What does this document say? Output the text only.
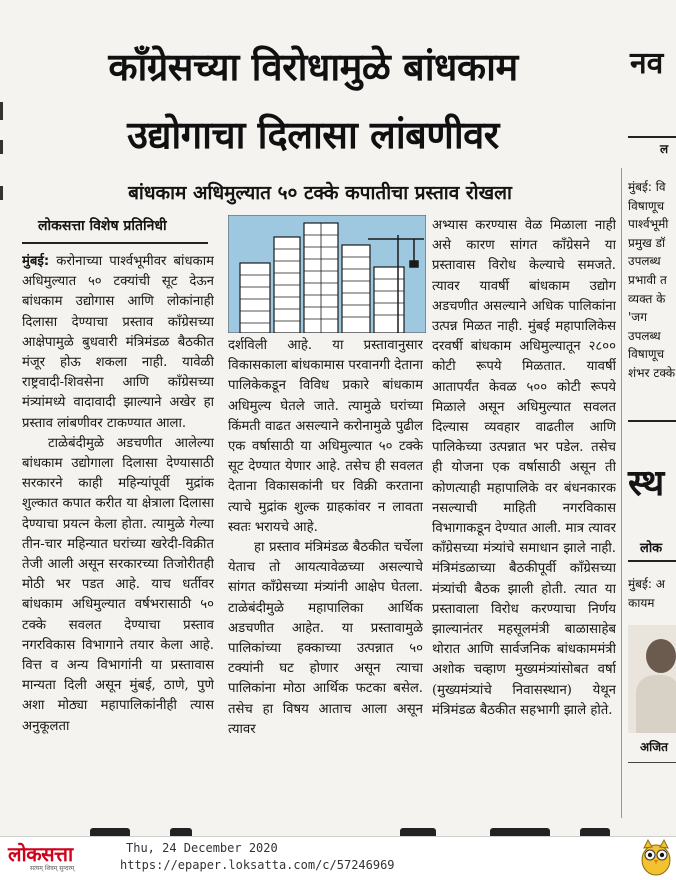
काँग्रेसच्या विरोधामुळे बांधकाम
उद्योगाचा दिलासा लांबणीवर
बांधकाम अधिमुल्यात ५० टक्के कपातीचा प्रस्ताव रोखला
लोकसत्ता विशेष प्रतिनिधी

मुंबई: करोनाच्या पार्श्वभूमीवर बांधकाम अधिमुल्यात ५० टक्यांची सूट देऊन बांधकाम उद्योगास आणि लोकांनाही दिलासा देण्याचा प्रस्ताव काँग्रेसच्या आक्षेपामुळे बुधवारी मंत्रिमंडळ बैठकीत मंजूर होऊ शकला नाही. यावेळी राष्ट्रवादी-शिवसेना आणि काँग्रेसच्या मंत्र्यांमध्ये वादावादी झाल्याने अखेर हा प्रस्ताव लांबणीवर टाकण्यात आला.

टाळेबंदीमुळे अडचणीत आलेल्या बांधकाम उद्योगाला दिलासा देण्यासाठी सरकारने काही महिन्यांपूर्वी मुद्रांक शुल्कात कपात करीत या क्षेत्राला दिलासा देण्याचा प्रयत्न केला होता. त्यामुळे गेल्या तीन-चार महिन्यात घरांच्या खरेदी-विक्रीत तेजी आली असून सरकारच्या तिजोरीतही मोठी भर पडत आहे. याच धर्तीवर बांधकाम अधिमुल्यात वर्षभरासाठी ५० टक्के सवलत देण्याचा प्रस्ताव नगरविकास विभागाने तयार केला आहे. वित्त व अन्य विभागांनी या प्रस्तावास मान्यता दिली असून मुंबई, ठाणे, पुणे अशा मोठ्या महापालिकांनीही त्यास अनुकूलता

दर्शविली आहे. या प्रस्तावानुसार विकासकाला बांधकामास परवानगी देताना पालिकेकडून विविध प्रकारे बांधकाम अधिमुल्य घेतले जाते. त्यामुळे घरांच्या किंमती वाढत असल्याने करोनामुळे पुढील एक वर्षासाठी या अधिमुल्यात ५० टक्के सूट देण्यात येणार आहे. तसेच ही सवलत देताना विकासकांनी घर विक्री करताना त्याचे मुद्रांक शुल्क ग्राहकांवर न लावता स्वतः भरायचे आहे.

हा प्रस्ताव मंत्रिमंडळ बैठकीत चर्चेला येताच तो आयत्यावेळच्या असल्याचे सांगत काँग्रेसच्या मंत्र्यांनी आक्षेप घेतला. टाळेबंदीमुळे महापालिका आर्थिक अडचणीत आहेत. या प्रस्तावामुळे पालिकांच्या हक्काच्या उत्पन्नात ५० टक्यांनी घट होणार असून त्याचा पालिकांना मोठा आर्थिक फटका बसेल. तसेच हा विषय आताच आला असून त्यावर

अभ्यास करण्यास वेळ मिळाला नाही असे कारण सांगत काँग्रेसने या प्रस्तावास विरोध केल्याचे समजते. त्यावर यावर्षी बांधकाम उद्योग अडचणीत असल्याने अधिक पालिकांना उत्पन्न मिळत नाही. मुंबई महापालिकेस दरवर्षी बांधकाम अधिमुल्यातून २८०० कोटी रूपये मिळतात. यावर्षी आतापर्यंत केवळ ५०० कोटी रूपये मिळाले असून अधिमुल्यात सवलत दिल्यास व्यवहार वाढतील आणि पालिकेच्या उत्पन्नात भर पडेल. तसेच ही योजना एक वर्षासाठी असून ती कोणत्याही महापालिके वर बंधनकारक नसल्याची माहिती नगरविकास विभागाकडून देण्यात आली. मात्र त्यावर काँग्रेसच्या मंत्र्यांचे समाधान झाले नाही. मंत्रिमंडळाच्या बैठकीपूर्वी काँग्रेसच्या मंत्र्यांची बैठक झाली होती. त्यात या प्रस्तावाला विरोध करण्याचा निर्णय झाल्यानंतर महसूलमंत्री बाळासाहेब थोरात आणि सार्वजनिक बांधकाममंत्री अशोक चव्हाण मुख्यमंत्र्यांसोबत वर्षा (मुख्यमंत्र्यांचे निवासस्थान) येथून मंत्रिमंडळ बैठकीत सहभागी झाले होते.

नव
ल
मुंबई: वि
विषाणूच
पार्श्वभूमी
प्रमुख डॉ
उपलब्ध
प्रभावी त
व्यक्त के
'जग
उपलब्ध
विषाणूच
शंभर टक्के
स्थ
लोक
मुंबई: अ
कायम
अजित
लोकसत्ता
सत्यम् शिवम् सुन्दरम्
Thu, 24 December 2020
https://epaper.loksatta.com/c/57246969
